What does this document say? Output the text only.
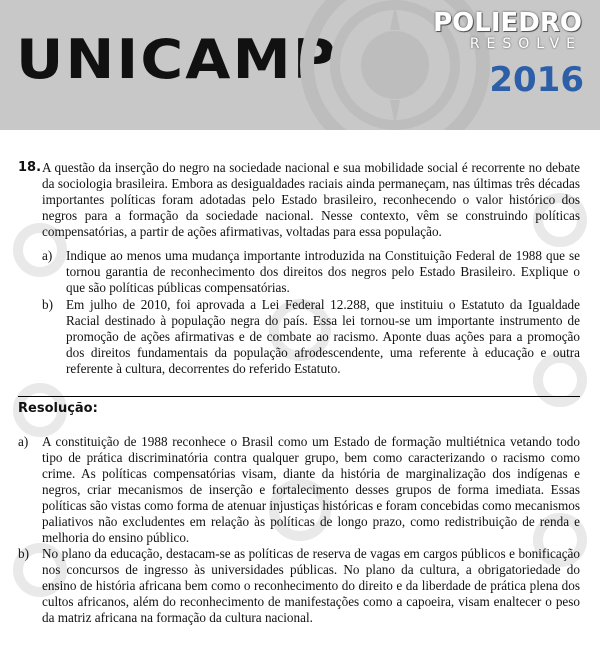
UNICAMP
POLIEDRO
RESOLVE
2016
18. A questão da inserção do negro na sociedade nacional e sua mobilidade social é recorrente no debate da sociologia brasileira. Embora as desigualdades raciais ainda permaneçam, nas últimas três décadas importantes políticas foram adotadas pelo Estado brasileiro, reconhecendo o valor histórico dos negros para a formação da sociedade nacional. Nesse contexto, vêm se construindo políticas compensatórias, a partir de ações afirmativas, voltadas para essa população.
a)	Indique ao menos uma mudança importante introduzida na Constituição Federal de 1988 que se tornou garantia de reconhecimento dos direitos dos negros pelo Estado Brasileiro. Explique o que são políticas públicas compensatórias.
b) Em julho de 2010, foi aprovada a Lei Federal 12.288, que instituiu o Estatuto da Igualdade Racial destinado à população negra do país. Essa lei tornou-se um importante instrumento de promoção de ações afirmativas e de combate ao racismo. Aponte duas ações para a promoção dos direitos fundamentais da população afrodescendente, uma referente à educação e outra referente à cultura, decorrentes do referido Estatuto.
Resolução:
a)	A constituição de 1988 reconhece o Brasil como um Estado de formação multiétnica vetando todo tipo de prática discriminatória contra qualquer grupo, bem como caracterizando o racismo como crime. As políticas compensatórias visam, diante da história de marginalização dos indígenas e negros, criar mecanismos de inserção e fortalecimento desses grupos de forma imediata. Essas políticas são vistas como forma de atenuar injustiças históricas e foram concebidas como mecanismos paliativos não excludentes em relação às políticas de longo prazo, como redistribuição de renda e melhoria do ensino público.
b) No plano da educação, destacam-se as políticas de reserva de vagas em cargos públicos e bonificação nos concursos de ingresso às universidades públicas. No plano da cultura, a obrigatoriedade do ensino de história africana bem como o reconhecimento do direito e da liberdade de prática plena dos cultos africanos, além do reconhecimento de manifestações como a capoeira, visam enaltecer o peso da matriz africana na formação da cultura nacional.
